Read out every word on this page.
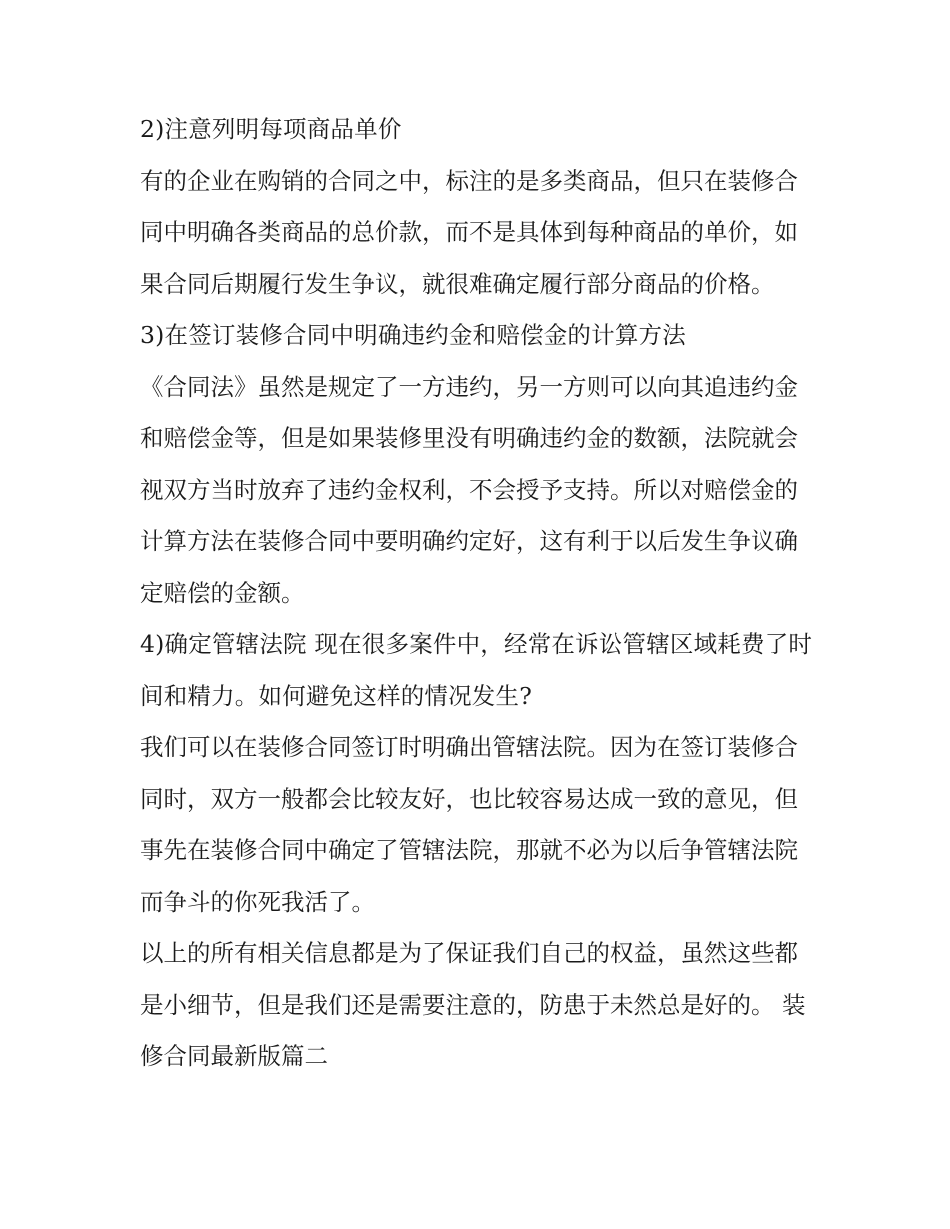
2)注意列明每项商品单价

有的企业在购销的合同之中，标注的是多类商品，但只在装修合同中明确各类商品的总价款，而不是具体到每种商品的单价，如果合同后期履行发生争议，就很难确定履行部分商品的价格。

3)在签订装修合同中明确违约金和赔偿金的计算方法

《合同法》虽然是规定了一方违约，另一方则可以向其追违约金和赔偿金等，但是如果装修里没有明确违约金的数额，法院就会视双方当时放弃了违约金权利，不会授予支持。所以对赔偿金的计算方法在装修合同中要明确约定好，这有利于以后发生争议确定赔偿的金额。

4)确定管辖法院 现在很多案件中，经常在诉讼管辖区域耗费了时间和精力。如何避免这样的情况发生?

我们可以在装修合同签订时明确出管辖法院。因为在签订装修合同时，双方一般都会比较友好，也比较容易达成一致的意见，但事先在装修合同中确定了管辖法院，那就不必为以后争管辖法院而争斗的你死我活了。

以上的所有相关信息都是为了保证我们自己的权益，虽然这些都是小细节，但是我们还是需要注意的，防患于未然总是好的。 装修合同最新版篇二
